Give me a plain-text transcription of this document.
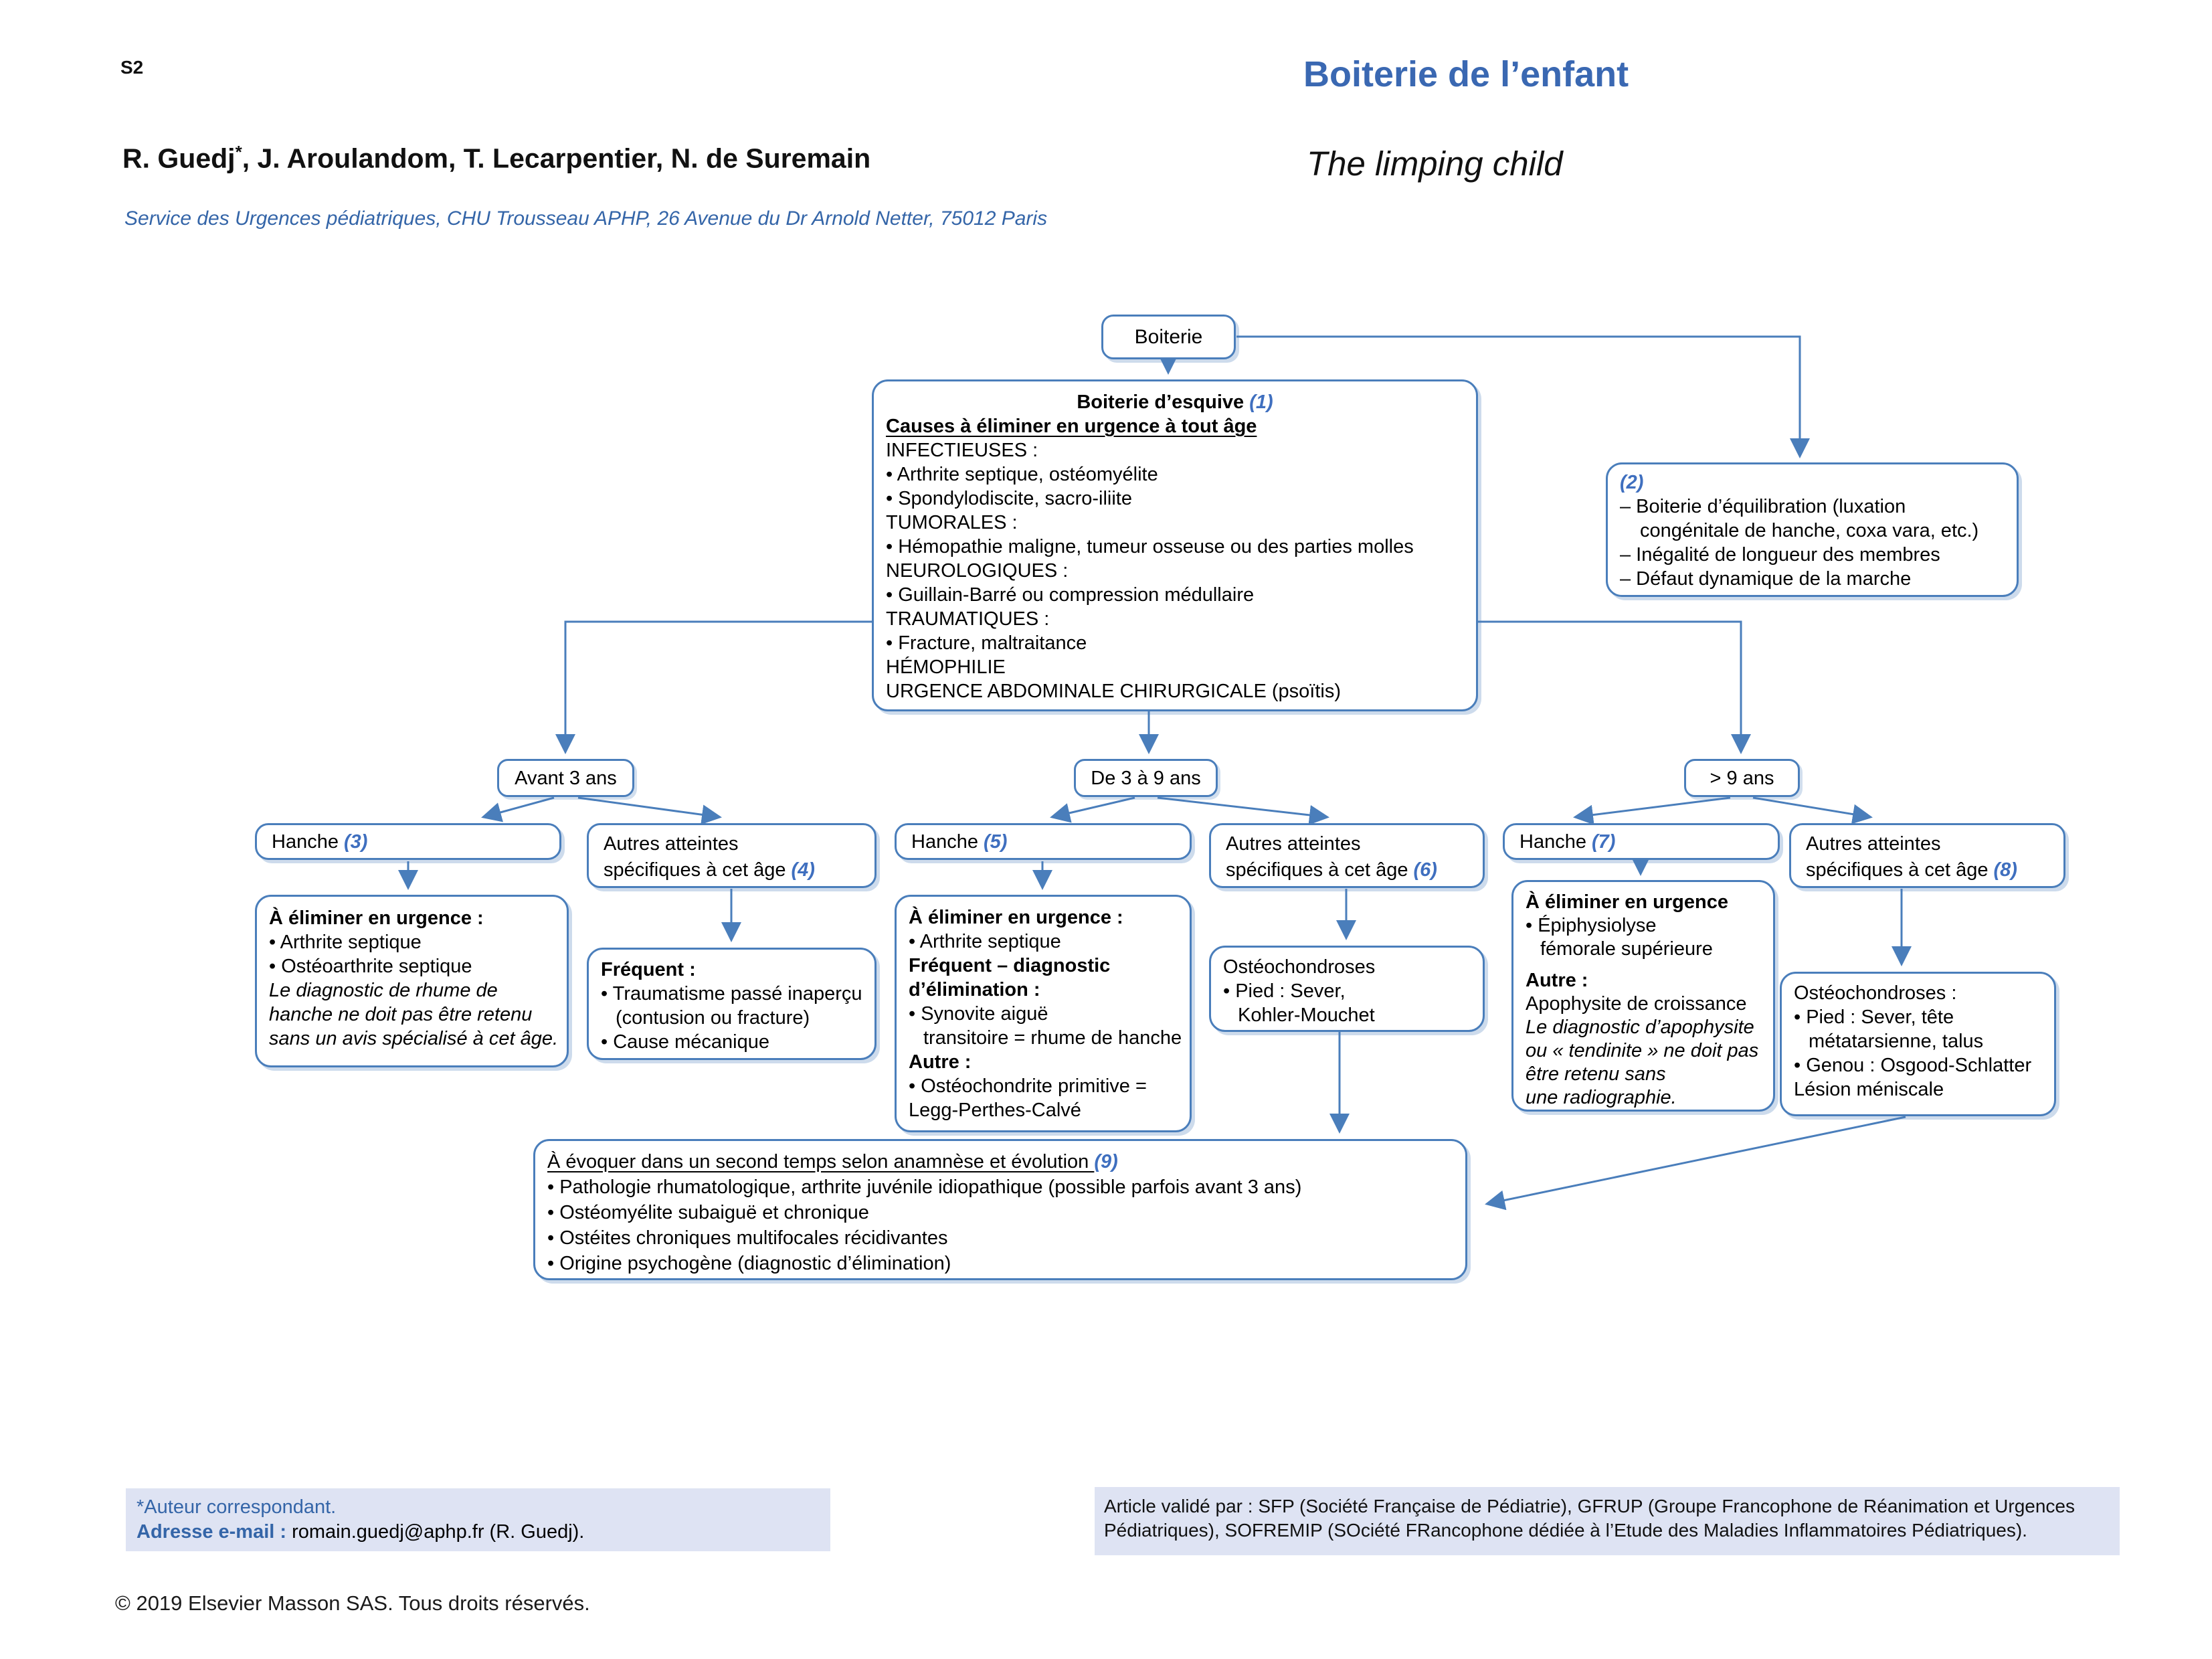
S2
R. Guedj*, J. Aroulandom, T. Lecarpentier, N. de Suremain
Service des Urgences pédiatriques, CHU Trousseau APHP, 26 Avenue du Dr Arnold Netter, 75012 Paris
Boiterie de l’enfant
The limping child
Boiterie
Boiterie d’esquive (1)
Causes à éliminer en urgence à tout âge
INFECTIEUSES :
• Arthrite septique, ostéomyélite
• Spondylodiscite, sacro-iliite
TUMORALES :
• Hémopathie maligne, tumeur osseuse ou des parties molles
NEUROLOGIQUES :
• Guillain-Barré ou compression médullaire
TRAUMATIQUES :
• Fracture, maltraitance
HÉMOPHILIE
URGENCE ABDOMINALE CHIRURGICALE (psoïtis)
(2)
– Boiterie d’équilibration (luxation
congénitale de hanche, coxa vara, etc.)
– Inégalité de longueur des membres
– Défaut dynamique de la marche
Avant 3 ans	De 3 à 9 ans	> 9 ans
Hanche (3)	Autres atteintes
spécifiques à cet âge (4)
Hanche (5)	Autres atteintes
spécifiques à cet âge (6)
Hanche (7)	Autres atteintes
spécifiques à cet âge (8)
À éliminer en urgence :
• Arthrite septique
• Ostéoarthrite septique
Le diagnostic de rhume de
hanche ne doit pas être retenu
sans un avis spécialisé à cet âge.
Fréquent :
• Traumatisme passé inaperçu
(contusion ou fracture)
• Cause mécanique
À éliminer en urgence :
• Arthrite septique
Fréquent – diagnostic
d’élimination :
• Synovite aiguë
transitoire = rhume de hanche
Autre :
• Ostéochondrite primitive =
Legg-Perthes-Calvé
Ostéochondroses
• Pied : Sever,
Kohler-Mouchet
À éliminer en urgence
• Épiphysiolyse
fémorale supérieure
Autre :
Apophysite de croissance
Le diagnostic d’apophysite
ou « tendinite » ne doit pas
être retenu sans
une radiographie.
Ostéochondroses :
• Pied : Sever, tête
métatarsienne, talus
• Genou : Osgood-Schlatter
Lésion méniscale
À évoquer dans un second temps selon anamnèse et évolution (9)
• Pathologie rhumatologique, arthrite juvénile idiopathique (possible parfois avant 3 ans)
• Ostéomyélite subaiguë et chronique
• Ostéites chroniques multifocales récidivantes
• Origine psychogène (diagnostic d’élimination)
*Auteur correspondant.
Adresse e-mail : romain.guedj@aphp.fr (R. Guedj).
Article validé par : SFP (Société Française de Pédiatrie), GFRUP (Groupe Francophone de Réanimation et Urgences Pédiatriques), SOFREMIP (SOciété FRancophone dédiée à l’Etude des Maladies Inflammatoires Pédiatriques).
© 2019 Elsevier Masson SAS. Tous droits réservés.
